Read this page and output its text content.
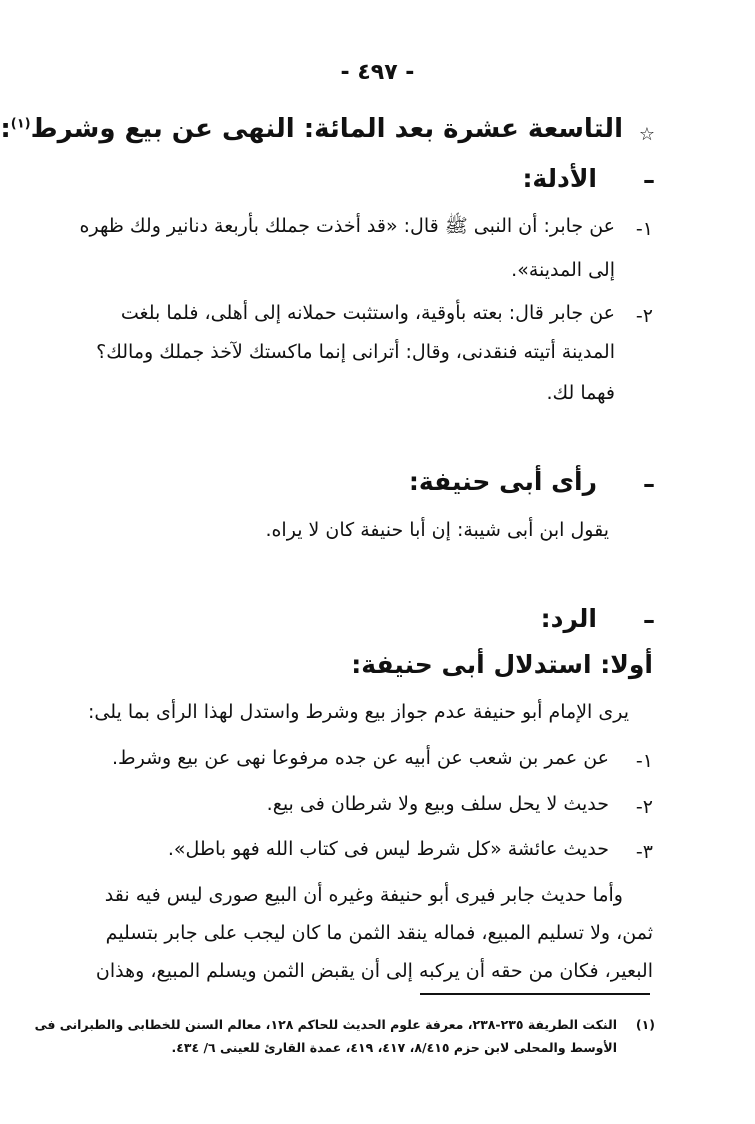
- ٤٩٧ -
☆
التاسعة عشرة بعد المائة: النهى عن بيع وشرط$^{(١)}$:
–
الأدلة:
١-
عن جابر: أن النبى ﷺ قال: «قد أخذت جملك بأربعة دنانير ولك ظهره
إلى المدينة».
٢-
عن جابر قال: بعته بأوقية، واستثبت حملانه إلى أهلى، فلما بلغت
المدينة أتيته فنقدنى، وقال: أترانى إنما ماكستك لآخذ جملك ومالك؟
فهما لك.
–
رأى أبى حنيفة:
يقول ابن أبى شيبة: إن أبا حنيفة كان لا يراه.
–
الرد:
أولا: استدلال أبى حنيفة:
يرى الإمام أبو حنيفة عدم جواز بيع وشرط واستدل لهذا الرأى بما يلى:
١-
عن عمر بن شعب عن أبيه عن جده مرفوعا نهى عن بيع وشرط.
٢-
حديث لا يحل سلف وبيع ولا شرطان فى بيع.
٣-
حديث عائشة «كل شرط ليس فى كتاب الله فهو باطل».
وأما حديث جابر فيرى أبو حنيفة وغيره أن البيع صورى ليس فيه نقد
ثمن، ولا تسليم المبيع، فماله ينقد الثمن ما كان ليجب على جابر بتسليم
البعير، فكان من حقه أن يركبه إلى أن يقبض الثمن ويسلم المبيع، وهذان
(١)
النكت الطريفة ٢٣٥-٢٣٨، معرفة علوم الحديث للحاكم ١٢٨، معالم السنن للخطابى والطبرانى فى
الأوسط والمحلى لابن حزم ٨/٤١٥، ٤١٧، ٤١٩، عمدة القارئ للعينى ٦/ ٤٣٤.
